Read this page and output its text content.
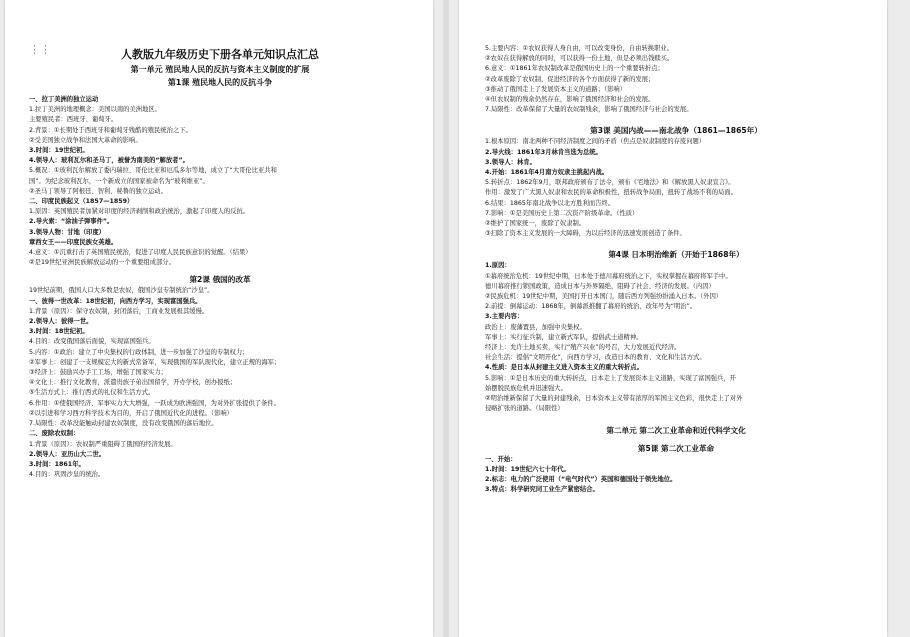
⋮⋮	人教版九年级历史下册各单元知识点汇总
第一单元 殖民地人民的反抗与资本主义制度的扩展
第1课 殖民地人民的反抗斗争
一、拉丁美洲的独立运动
1.拉丁美洲的地理概念：美国以南的美洲地区。
主要殖民者：西班牙、葡萄牙。
2.背景：①长期处于西班牙和葡萄牙残酷的殖民统治之下。
②受美国独立战争和法国大革命的影响。
3.时间：19世纪初。
4.领导人：玻利瓦尔和圣马丁，被誉为南美的“解放者”。
5.概况：①玻利瓦尔解放了委内瑞拉、哥伦比亚和厄瓜多尔等地，成立了“大哥伦比亚共和
国”。为纪念玻利瓦尔，一个新成立的国家被命名为“玻利维亚”。
②圣马丁领导了阿根廷、智利、秘鲁的独立运动。
二、印度民族起义（1857—1859）
1.原因：英国殖民者加紧对印度的经济剥削和政治统治，激起了印度人的反抗。
2.导火索：“涂油子弹事件”。
3.领导人物：甘地（印度）
章西女王——印度民族女英雄。
4.意义：①沉重打击了英国殖民统治，促进了印度人民民族意识的觉醒。（结果）
②是19世纪亚洲民族解放运动的一个重要组成部分。
第2课 俄国的改革
19世纪前期，俄国人口大多数是农奴，俄国沙皇专制统治“沙皇”。
一、彼得一世改革：18世纪初，向西方学习，实现富国强兵。
1.背景（原因）：保守农奴制，封闭落后，工商业发展极其缓慢。
2.领导人：彼得一世。
3.时间：18世纪初。
4.目的：改变俄国落后面貌，实现富国强兵。
5.内容：①政治：建立了中央集权的行政体制，进一步加强了沙皇的专制权力；
②军事上：创建了一支规模宏大的新式常备军，实现俄国的军队现代化，建立正规的海军；
③经济上：鼓励兴办手工工场，增强了国家实力；
④文化上：推行文化教育，派遣贵族子弟出国留学，开办学校，创办报纸；
⑤生活方式上：推行西式的礼仪和生活方式。
6.作用：①使俄国经济、军事实力大大增强，一跃成为欧洲强国，为对外扩张提供了条件。
②以引进和学习西方科学技术为目的，开启了俄国近代化的进程。（影响）
7.局限性：改革没能触动封建农奴制度，没有改变俄国的落后地位。
二、废除农奴制：
1.背景（原因）：农奴制严重阻碍了俄国的经济发展。
2.领导人：亚历山大二世。
3.时间：1861年。
4.目的：巩固沙皇的统治。
5.主要内容：①农奴获得人身自由，可以改变身份，自由转换职业。
②农奴在获得解放的同时，可以获得一份土地，但是必须出钱赎买。
6.意义：①1861年农奴制改革是俄国历史上的一个重要转折点；
②改革废除了农奴制，促进经济的各个方面获得了新的发展；
③推动了俄国走上了发展资本主义的道路；（影响）
④但农奴制的残余仍然存在，影响了俄国经济和社会的发展。
7.局限性：改革保留了大量的农奴制残余，影响了俄国经济与社会的发展。
第3课 美国内战——南北战争（1861—1865年）
1.根本原因：南北两种不同经济制度之间的矛盾（焦点是奴隶制度的存废问题）
2.导火线：1861年3月林肯当选为总统。
3.领导人：林肯。
4.开始：1861年4月南方奴隶主挑起内战。
5.转折点：1862年9月，联邦政府颁布了法令，颁布《宅地法》和《解放黑人奴隶宣言》。
作用：激发了广大黑人奴隶和农民的革命积极性，扭转战争局面，扭转了战场不利的局面。
6.结果：1865年南北战争以北方胜利而告终。
7.影响：①是美国历史上第二次资产阶级革命。（性质）
②维护了国家统一，废除了奴隶制。
③扫除了资本主义发展的一大障碍，为以后经济的迅速发展创造了条件。
第4课 日本明治维新（开始于1868年）
1.原因：
①幕府统治危机：19世纪中期，日本处于德川幕府统治之下，实权掌握在幕府将军手中。
德川幕府推行锁国政策，造成日本与外界隔绝，阻碍了社会、经济的发展。（内因）
②民族危机：19世纪中期，美国打开日本国门，随后西方列强纷纷涌入日本。（外因）
2.前提：倒幕运动：1868年，倒幕派推翻了幕府的统治，改年号为“明治”。
3.主要内容：
政治上：废藩置县，加强中央集权。
军事上：实行征兵制，建立新式军队，提倡武士道精神。
经济上：允许土地买卖，实行“殖产兴业”的号召，大力发展近代经济。
社会生活：提倡“文明开化”，向西方学习，改造日本的教育、文化和生活方式。
4.性质：是日本从封建主义进入资本主义的重大转折点。
5.影响：①是日本历史的重大转折点，日本走上了发展资本主义道路，实现了富国强兵，开
始摆脱民族危机并迅速强大。
②明治维新保留了大量的封建残余，日本资本主义带有浓厚的军国主义色彩，很快走上了对外
侵略扩张的道路。（局限性）
第二单元 第二次工业革命和近代科学文化
第5课 第二次工业革命
一、开始：
1.时间：19世纪六七十年代。
2.标志：电力的广泛使用（“电气时代”）英国和德国处于领先地位。
3.特点：科学研究同工业生产紧密结合。
